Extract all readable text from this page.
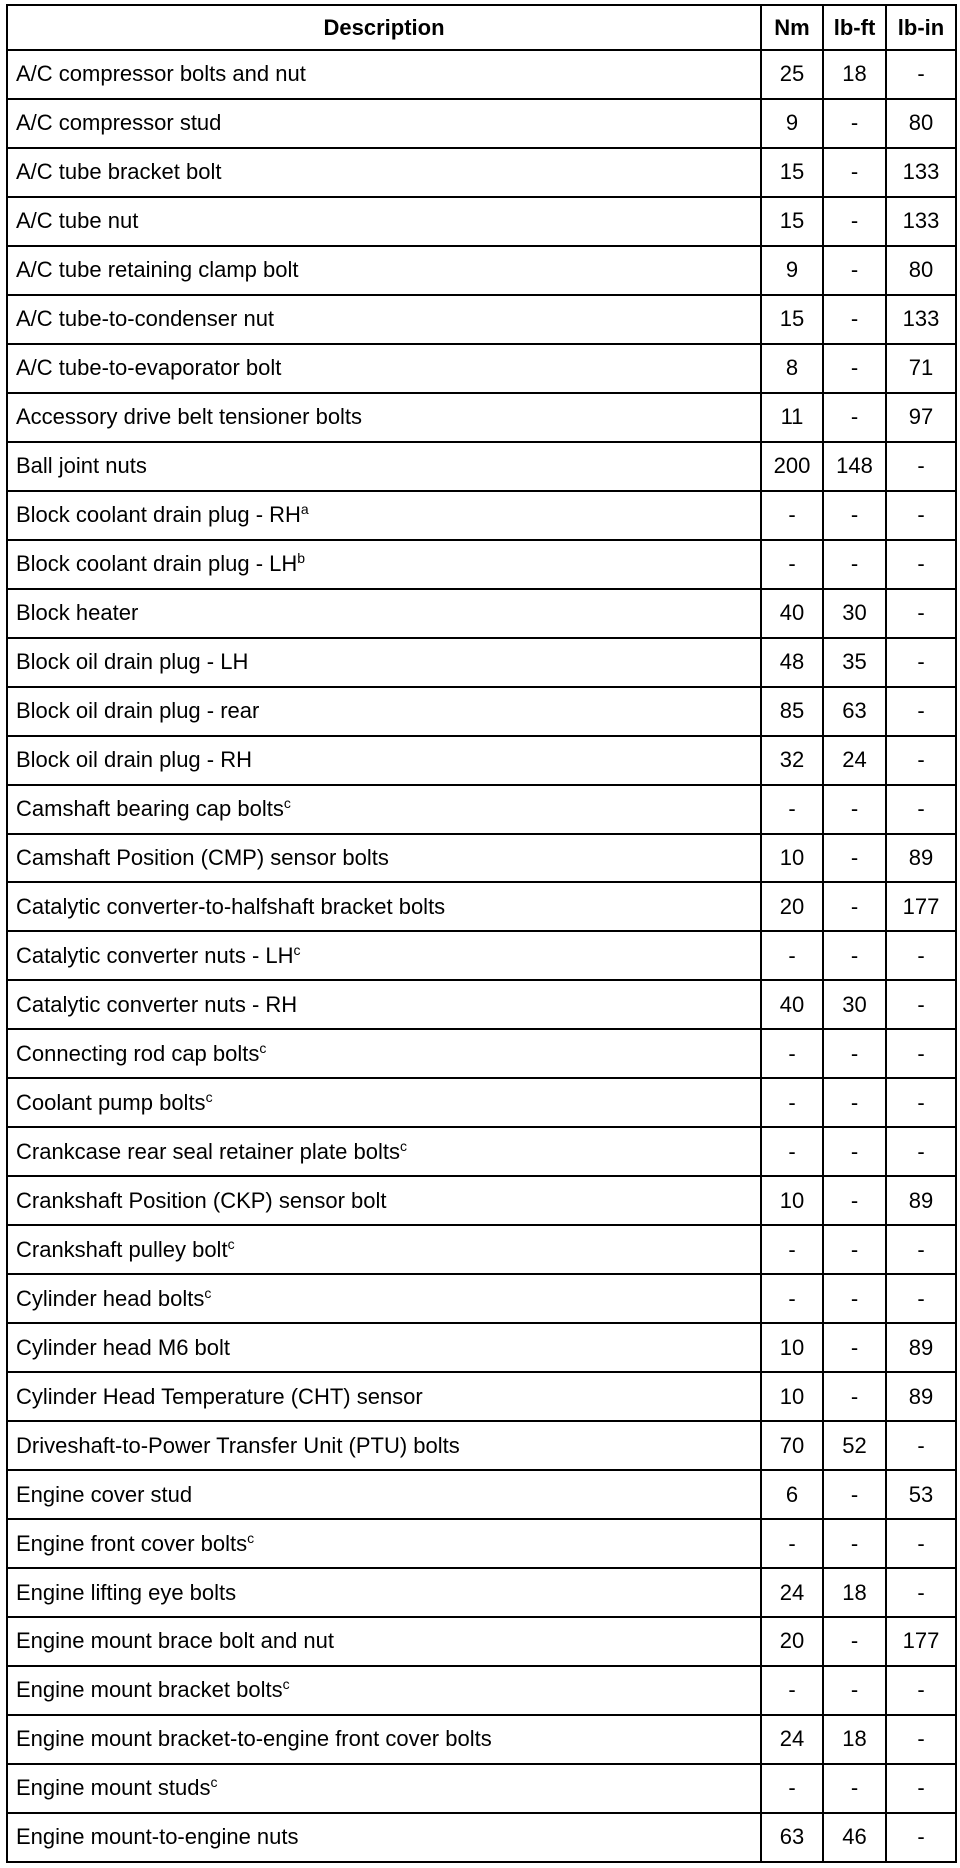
Description	Nm	lb-ft	lb-in
A/C compressor bolts and nut	25	18	-
A/C compressor stud	9	-	80
A/C tube bracket bolt	15	-	133
A/C tube nut	15	-	133
A/C tube retaining clamp bolt	9	-	80
A/C tube-to-condenser nut	15	-	133
A/C tube-to-evaporator bolt	8	-	71
Accessory drive belt tensioner bolts	11	-	97
Ball joint nuts	200	148	-
Block coolant drain plug - $RH^a$	-	-	-
Block coolant drain plug - $LH^b$	-	-	-
Block heater	40	30	-
Block oil drain plug - LH	48	35	-
Block oil drain plug - rear	85	63	-
Block oil drain plug - RH	32	24	-
Camshaft bearing cap bolts$^c$	-	-	-
Camshaft Position (CMP) sensor bolts	10	-	89
Catalytic converter-to-halfshaft bracket bolts	20	-	177
Catalytic converter nuts - $LH^c$	-	-	-
Catalytic converter nuts - RH	40	30	-
Connecting rod cap bolts$^c$	-	-	-
Coolant pump bolts$^c$	-	-	-
Crankcase rear seal retainer plate bolts$^c$	-	-	-
Crankshaft Position (CKP) sensor bolt	10	-	89
Crankshaft pulley bolt$^c$	-	-	-
Cylinder head bolts$^c$	-	-	-
Cylinder head M6 bolt	10	-	89
Cylinder Head Temperature (CHT) sensor	10	-	89
Driveshaft-to-Power Transfer Unit (PTU) bolts	70	52	-
Engine cover stud	6	-	53
Engine front cover bolts$^c$	-	-	-
Engine lifting eye bolts	24	18	-
Engine mount brace bolt and nut	20	-	177
Engine mount bracket bolts$^c$	-	-	-
Engine mount bracket-to-engine front cover bolts	24	18	-
Engine mount studs$^c$	-	-	-
Engine mount-to-engine nuts	63	46	-
